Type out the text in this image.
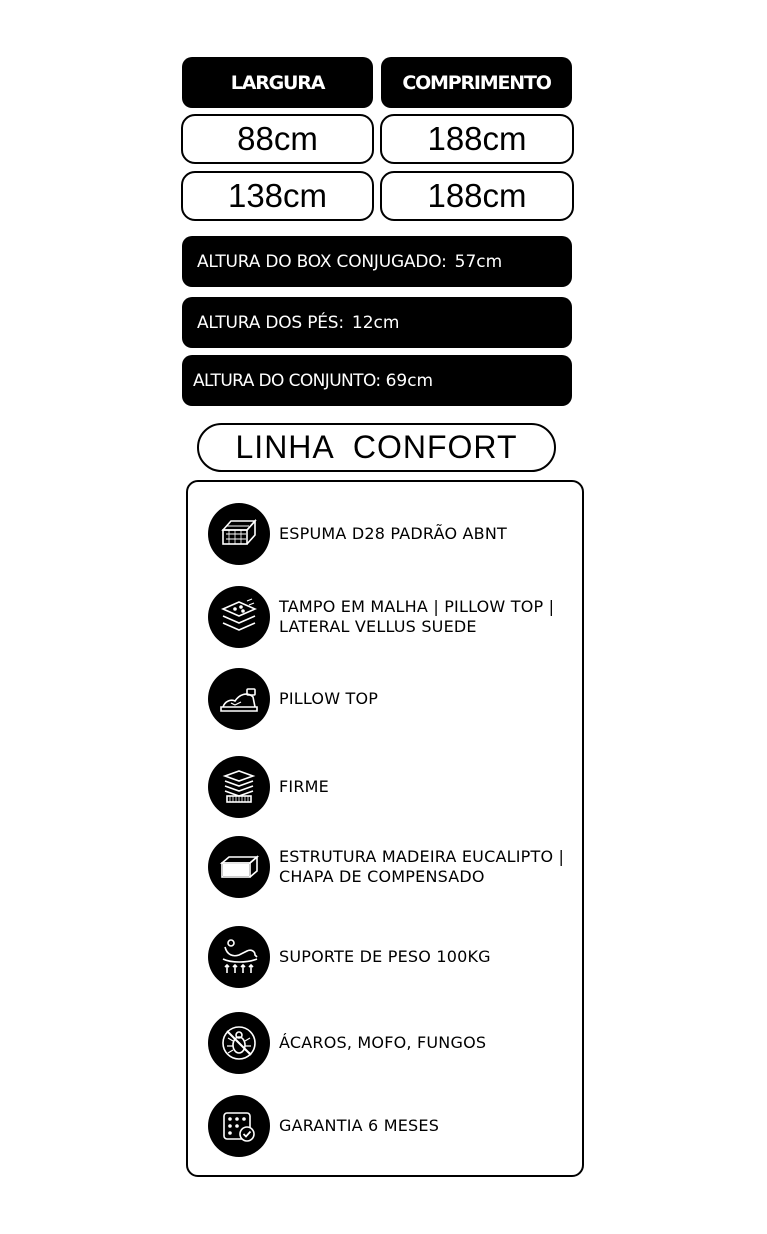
LARGURA	COMPRIMENTO
88cm	188cm
138cm	188cm
ALTURA DO BOX CONJUGADO: 57cm
ALTURA DOS PÉS: 12cm
ALTURA DO CONJUNTO: 69cm
LINHA CONFORT
ESPUMA D28 PADRÃO ABNT
TAMPO EM MALHA | PILLOW TOP |
LATERAL VELLUS SUEDE
PILLOW TOP
FIRME
ESTRUTURA MADEIRA EUCALIPTO |
CHAPA DE COMPENSADO
SUPORTE DE PESO 100KG
ÁCAROS, MOFO, FUNGOS
GARANTIA 6 MESES
